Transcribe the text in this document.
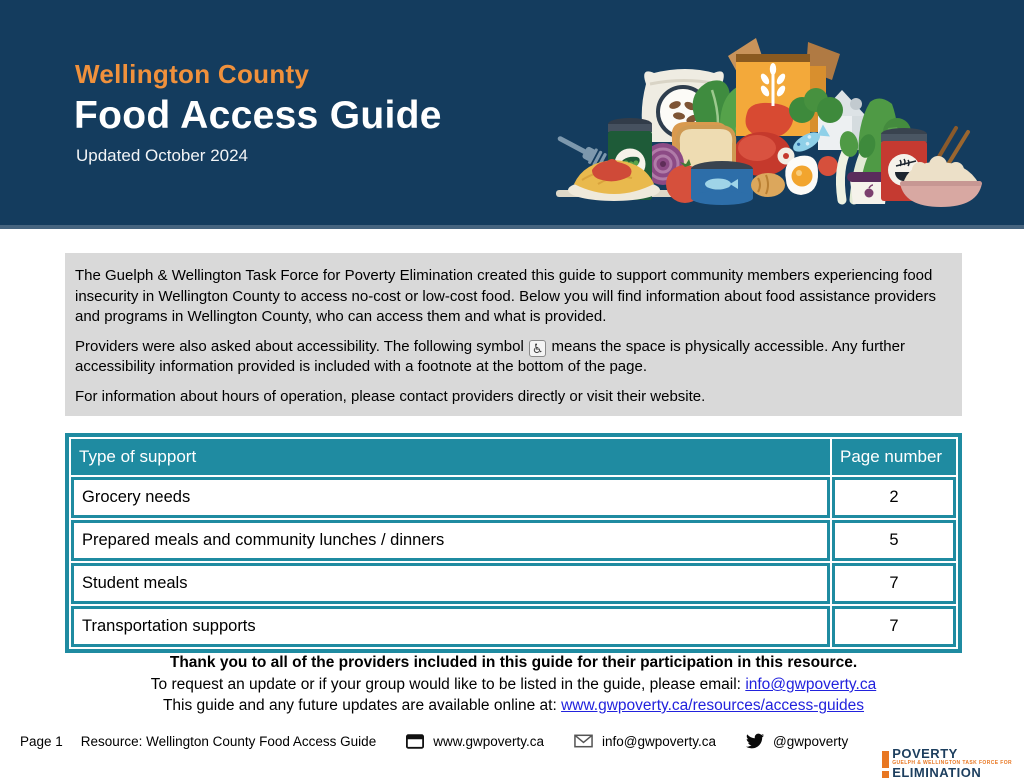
Wellington County
Food Access Guide
Updated October 2024

The Guelph & Wellington Task Force for Poverty Elimination created this guide to support community members experiencing food insecurity in Wellington County to access no-cost or low-cost food. Below you will find information about food assistance providers and programs in Wellington County, who can access them and what is provided.

Providers were also asked about accessibility. The following symbol ♿ means the space is physically accessible. Any further accessibility information provided is included with a footnote at the bottom of the page.

For information about hours of operation, please contact providers directly or visit their website.

Type of support	Page number
Grocery needs	2
Prepared meals and community lunches / dinners	5
Student meals	7
Transportation supports	7
Thank you to all of the providers included in this guide for their participation in this resource.
To request an update or if your group would like to be listed in the guide, please email: info@gwpoverty.ca
This guide and any future updates are available online at: www.gwpoverty.ca/resources/access-guides
Page 1 Resource: Wellington County Food Access Guide	www.gwpoverty.ca	info@gwpoverty.ca	@gwpoverty
POVERTY
GUELPH & WELLINGTON TASK FORCE FOR
ELIMINATION
